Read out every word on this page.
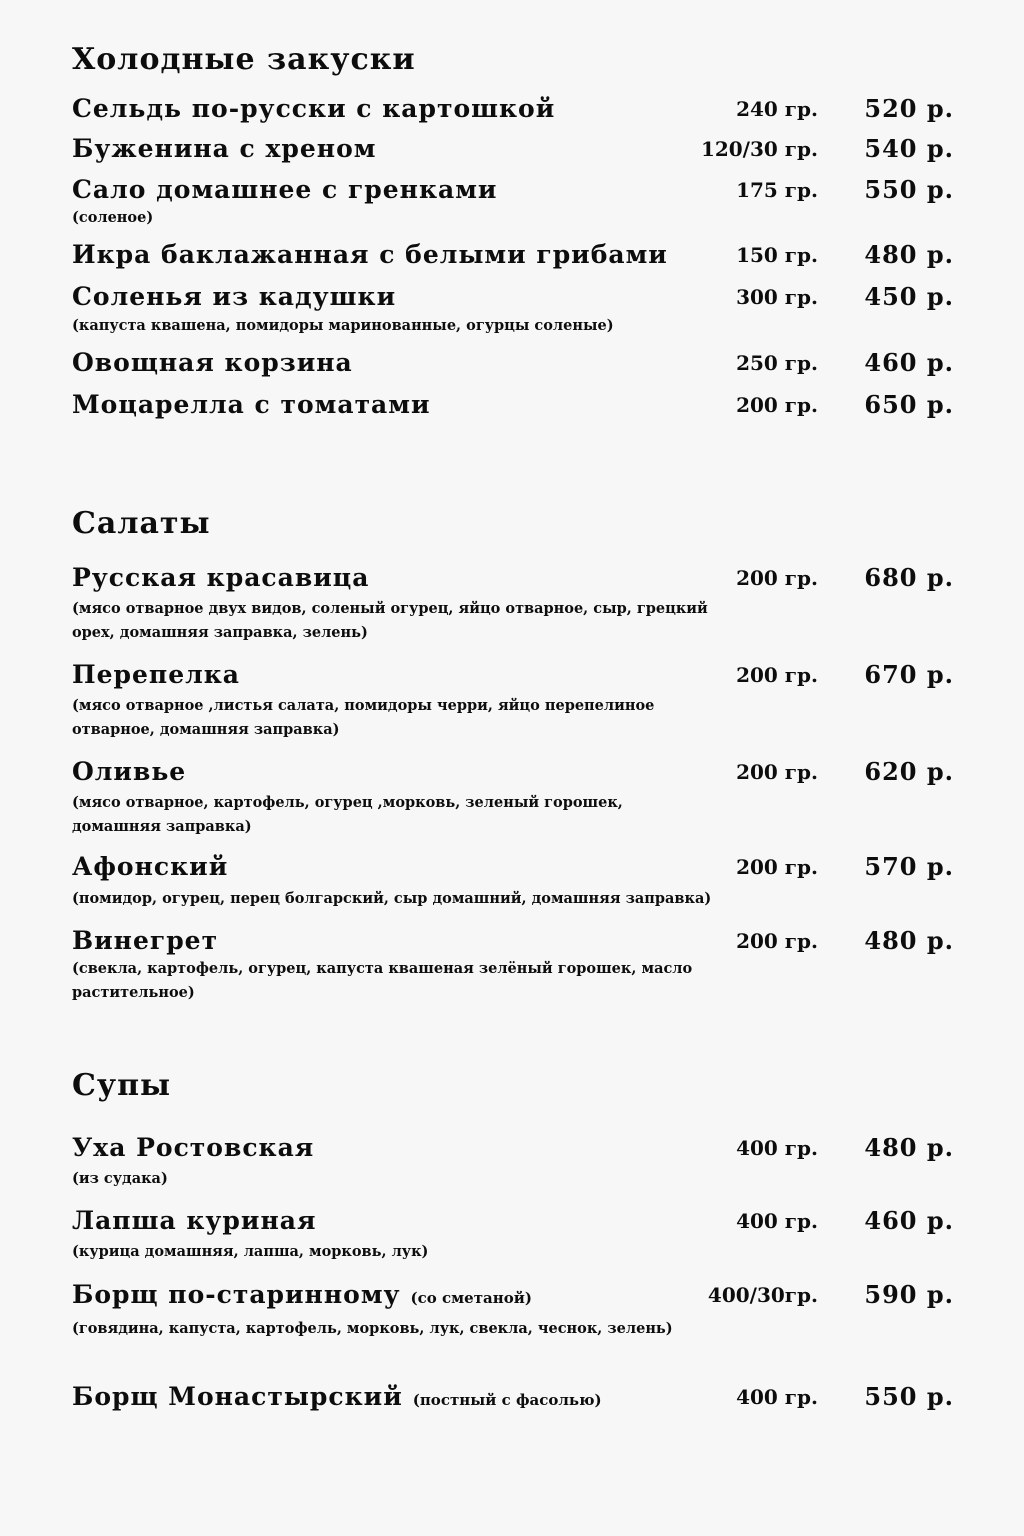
Холодные закуски
Сельдь по-русски с картошкой	240 гр. 520 р.
Буженина с хреном	120/30 гр. 540 р.
Сало домашнее с гренками	175 гр. 550 р.
(соленое)
Икра баклажанная с белыми грибами	150 гр. 480 р.
Соленья из кадушки	300 гр. 450 р.
(капуста квашена, помидоры маринованные, огурцы соленые)
Овощная корзина	250 гр. 460 р.
Моцарелла с томатами	200 гр. 650 р.
Салаты
Русская красавица	200 гр. 680 р.
(мясо отварное двух видов, соленый огурец, яйцо отварное, сыр, грецкий орех, домашняя заправка, зелень)
Перепелка	200 гр. 670 р.
(мясо отварное ,листья салата, помидоры черри, яйцо перепелиное отварное, домашняя заправка)
Оливье	200 гр. 620 р.
(мясо отварное, картофель, огурец ,морковь, зеленый горошек, домашняя заправка)
Афонский	200 гр. 570 р.
(помидор, огурец, перец болгарский, сыр домашний, домашняя заправка)
Винегрет	200 гр. 480 р.
(свекла, картофель, огурец, капуста квашеная зелёный горошек, масло растительное)
Супы
Уха Ростовская	400 гр. 480 р.
(из судака)
Лапша куриная	400 гр. 460 р.
(курица домашняя, лапша, морковь, лук)
Борщ по-старинному (со сметаной)	400/30гр. 590 р.
(говядина, капуста, картофель, морковь, лук, свекла, чеснок, зелень)
Борщ Монастырский (постный с фасолью)	400 гр. 550 р.
